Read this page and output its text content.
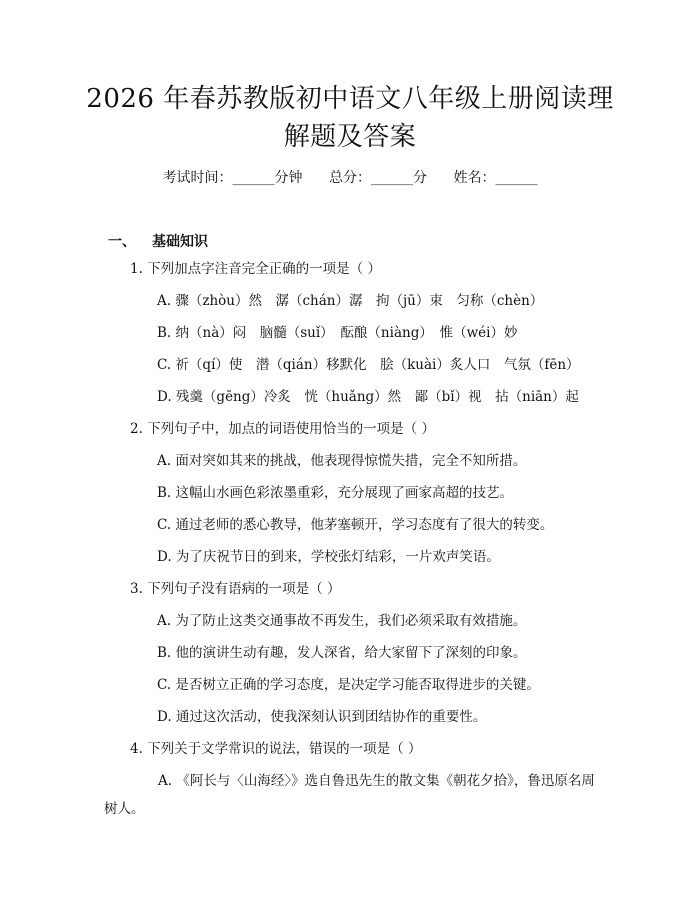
2026 年春苏教版初中语文八年级上册阅读理
解题及答案
考试时间：______分钟 总分：______分 姓名：______
一、 基础知识
1. 下列加点字注音完全正确的一项是（ ）
A. 骤（zhòu）然　潺（chán）潺　拘（jū）束　匀称（chèn）
B. 纳（nà）闷　脑髓（suǐ）　酝酿（niàng）　惟（wéi）妙
C. 祈（qí）使　潜（qián）移默化　脍（kuài）炙人口　气氛（fēn）
D. 残羹（gēng）冷炙　恍（huǎng）然　鄙（bǐ）视　拈（niān）起
2. 下列句子中，加点的词语使用恰当的一项是（ ）
A. 面对突如其来的挑战，他表现得惊慌失措，完全不知所措。
B. 这幅山水画色彩浓墨重彩，充分展现了画家高超的技艺。
C. 通过老师的悉心教导，他茅塞顿开，学习态度有了很大的转变。
D. 为了庆祝节日的到来，学校张灯结彩，一片欢声笑语。
3. 下列句子没有语病的一项是（ ）
A. 为了防止这类交通事故不再发生，我们必须采取有效措施。
B. 他的演讲生动有趣，发人深省，给大家留下了深刻的印象。
C. 是否树立正确的学习态度，是决定学习能否取得进步的关键。
D. 通过这次活动，使我深刻认识到团结协作的重要性。
4. 下列关于文学常识的说法，错误的一项是（ ）
A. 《阿长与〈山海经〉》选自鲁迅先生的散文集《朝花夕拾》，鲁迅原名周树人。
